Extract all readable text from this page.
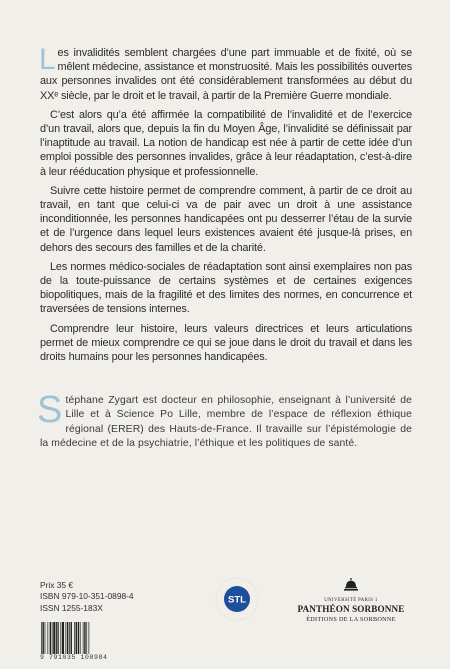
Les invalidités semblent chargées d’une part immuable et de fixité, où se mêlent médecine, assistance et monstruosité. Mais les possibilités ouvertes aux personnes invalides ont été considérablement transformées au début du XXᵉ siècle, par le droit et le travail, à partir de la Première Guerre mondiale.

C’est alors qu’a été affirmée la compatibilité de l’invalidité et de l’exercice d’un travail, alors que, depuis la fin du Moyen Âge, l’invalidité se définissait par l’inaptitude au travail. La notion de handicap est née à partir de cette idée d’un emploi possible des personnes invalides, grâce à leur réadaptation, c’est-à-dire à leur rééducation physique et professionnelle.

Suivre cette histoire permet de comprendre comment, à partir de ce droit au travail, en tant que celui-ci va de pair avec un droit à une assistance inconditionnée, les personnes handicapées ont pu desserrer l’étau de la survie et de l’urgence dans lequel leurs existences avaient été jusque-là prises, en dehors des secours des familles et de la charité.

Les normes médico-sociales de réadaptation sont ainsi exemplaires non pas de la toute-puissance de certains systèmes et de certaines exigences biopolitiques, mais de la fragilité et des limites des normes, en concurrence et traversées de tensions internes.

Comprendre leur histoire, leurs valeurs directrices et leurs articulations permet de mieux comprendre ce qui se joue dans le droit du travail et dans les droits humains pour les personnes handicapées.

Stéphane Zygart est docteur en philosophie, enseignant à l’université de Lille et à Science Po Lille, membre de l’espace de réflexion éthique régional (ERER) des Hauts-de-France. Il travaille sur l’épistémologie de la médecine et de la psychiatrie, l’éthique et les politiques de santé.
Prix 35 €
ISBN 979-10-351-0898-4
ISSN 1255-183X
9 791035 108984
STL	UNIVERSITÉ PARIS 1
PANTHÉON SORBONNE
ÉDITIONS DE LA SORBONNE
